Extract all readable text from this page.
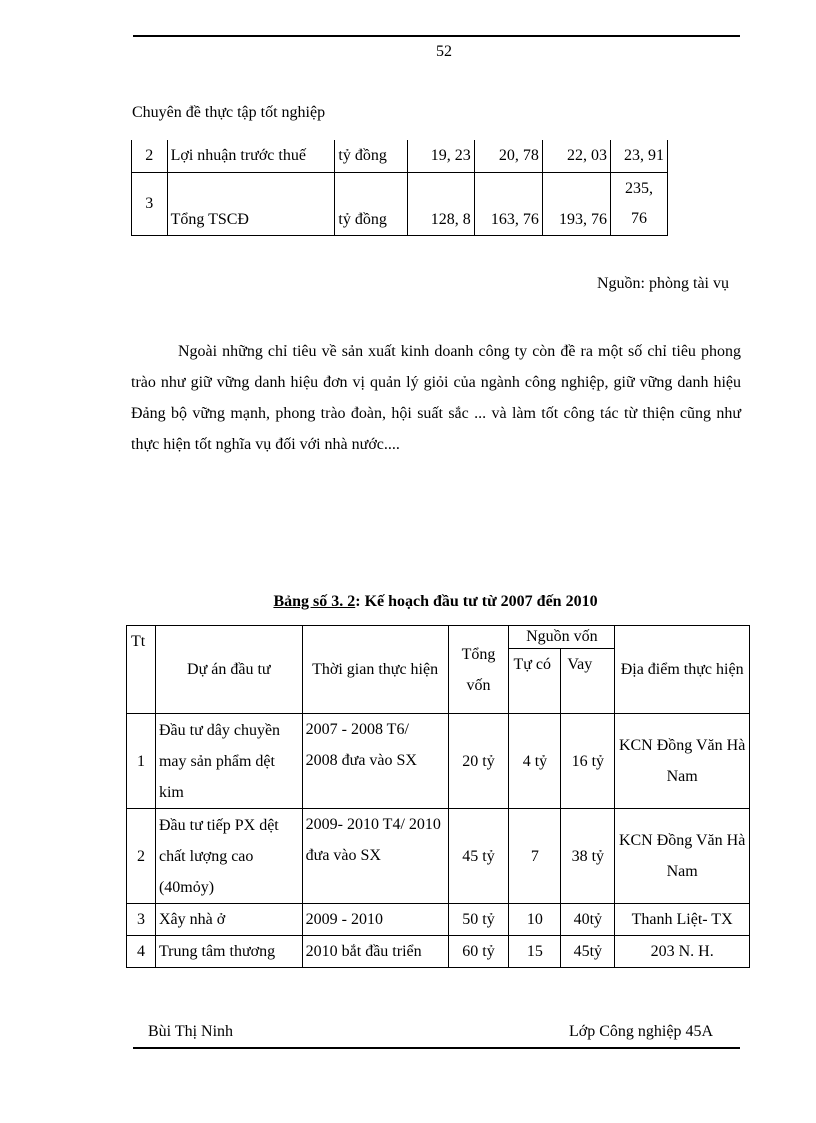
52
Chuyên đề thực tập tốt nghiệp
2	Lợi nhuận trước thuế	tỷ đồng	19, 23	20, 78	22, 03	23, 91
3	Tổng TSCĐ	tỷ đồng	128, 8	163, 76	193, 76	235,
76
Nguồn: phòng tài vụ
Ngoài những chỉ tiêu về sản xuất kinh doanh công ty còn đề ra một số chỉ tiêu phong trào như giữ vững danh hiệu đơn vị quản lý giỏi của ngành công nghiệp, giữ vững danh hiệu Đảng bộ vững mạnh, phong trào đoàn, hội suất sắc ... và làm tốt công tác từ thiện cũng như thực hiện tốt nghĩa vụ đối với nhà nước....
Bảng số 3. 2: Kế hoạch đầu tư từ 2007 đến 2010
Tt	Dự án đầu tư	Thời gian thực hiện	Tổng vốn	Nguồn vốn		Địa điểm thực hiện
				Tự có	Vay	
1	Đầu tư dây chuyền may sản phẩm dệt kim	2007 - 2008 T6/ 2008 đưa vào SX	20 tỷ	4 tỷ	16 tỷ	KCN Đồng Văn Hà Nam
2	Đầu tư tiếp PX dệt chất lượng cao (40mỏy)	2009- 2010 T4/ 2010 đưa vào SX	45 tỷ	7	38 tỷ	KCN Đồng Văn Hà Nam
3	Xây nhà ở	2009 - 2010	50 tỷ	10	40tỷ	Thanh Liệt- TX
4	Trung tâm thương	2010 bắt đầu triển	60 tỷ	15	45tỷ	203 N. H.
Bùi Thị Ninh	Lớp Công nghiệp 45A
